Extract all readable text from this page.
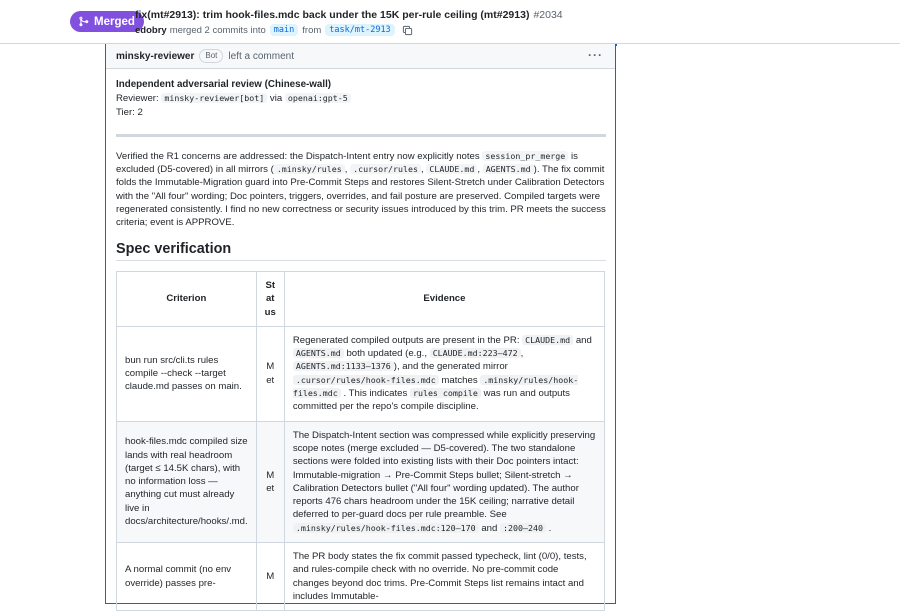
Merged
fix(mt#2913): trim hook-files.mdc back under the 15K per-rule ceiling (mt#2913) #2034
edobry merged 2 commits into main from task/mt-2913
minsky-reviewer	Bot	left a comment	···
Independent adversarial review (Chinese-wall)
Reviewer: minsky-reviewer[bot] via openai:gpt-5
Tier: 2

Verified the R1 concerns are addressed: the Dispatch-Intent entry now explicitly notes session_pr_merge is excluded (D5-covered) in all mirrors ( .minsky/rules , .cursor/rules , CLAUDE.md , AGENTS.md ). The fix commit folds the Immutable-Migration guard into Pre-Commit Steps and restores Silent-Stretch under Calibration Detectors with the "All four" wording; Doc pointers, triggers, overrides, and fail posture are preserved. Compiled targets were regenerated consistently. I find no new correctness or security issues introduced by this trim. PR meets the success criteria; event is APPROVE.

Spec verification
Criterion	St at us	Evidence
bun run src/cli.ts rules compile --check --target claude.md passes on main.	M et	Regenerated compiled outputs are present in the PR: CLAUDE.md and AGENTS.md both updated (e.g., CLAUDE.md:223–472 , AGENTS.md:1133–1376 ), and the generated mirror .cursor/rules/hook-files.mdc matches .minsky/rules/hook-files.mdc . This indicates rules compile was run and outputs committed per the repo's compile discipline.
hook-files.mdc compiled size lands with real headroom (target ≤ 14.5K chars), with no information loss — anything cut must already live in docs/architecture/hooks/.md.	M et	The Dispatch-Intent section was compressed while explicitly preserving scope notes (merge excluded — D5-covered). The two standalone sections were folded into existing lists with their Doc pointers intact: Immutable-migration → Pre-Commit Steps bullet; Silent-stretch → Calibration Detectors bullet ("All four" wording updated). The author reports 476 chars headroom under the 15K ceiling; narrative detail deferred to per-guard docs per rule preamble. See .minsky/rules/hook-files.mdc:120–170 and :200–240 .
A normal commit (no env override) passes pre-	M	The PR body states the fix commit passed typecheck, lint (0/0), tests, and rules-compile check with no override. No pre-commit code changes beyond doc trims. Pre-Commit Steps list remains intact and includes Immutable-
